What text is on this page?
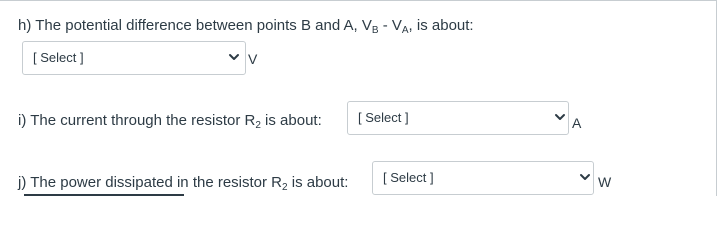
h) The potential difference between points B and A, $V_B - V_A$, is about:
[ Select ]	V
i) The current through the resistor $R_2$ is about:	[ Select ]	A
j) The power dissipated in the resistor $R_2$ is about:	[ Select ]	W
